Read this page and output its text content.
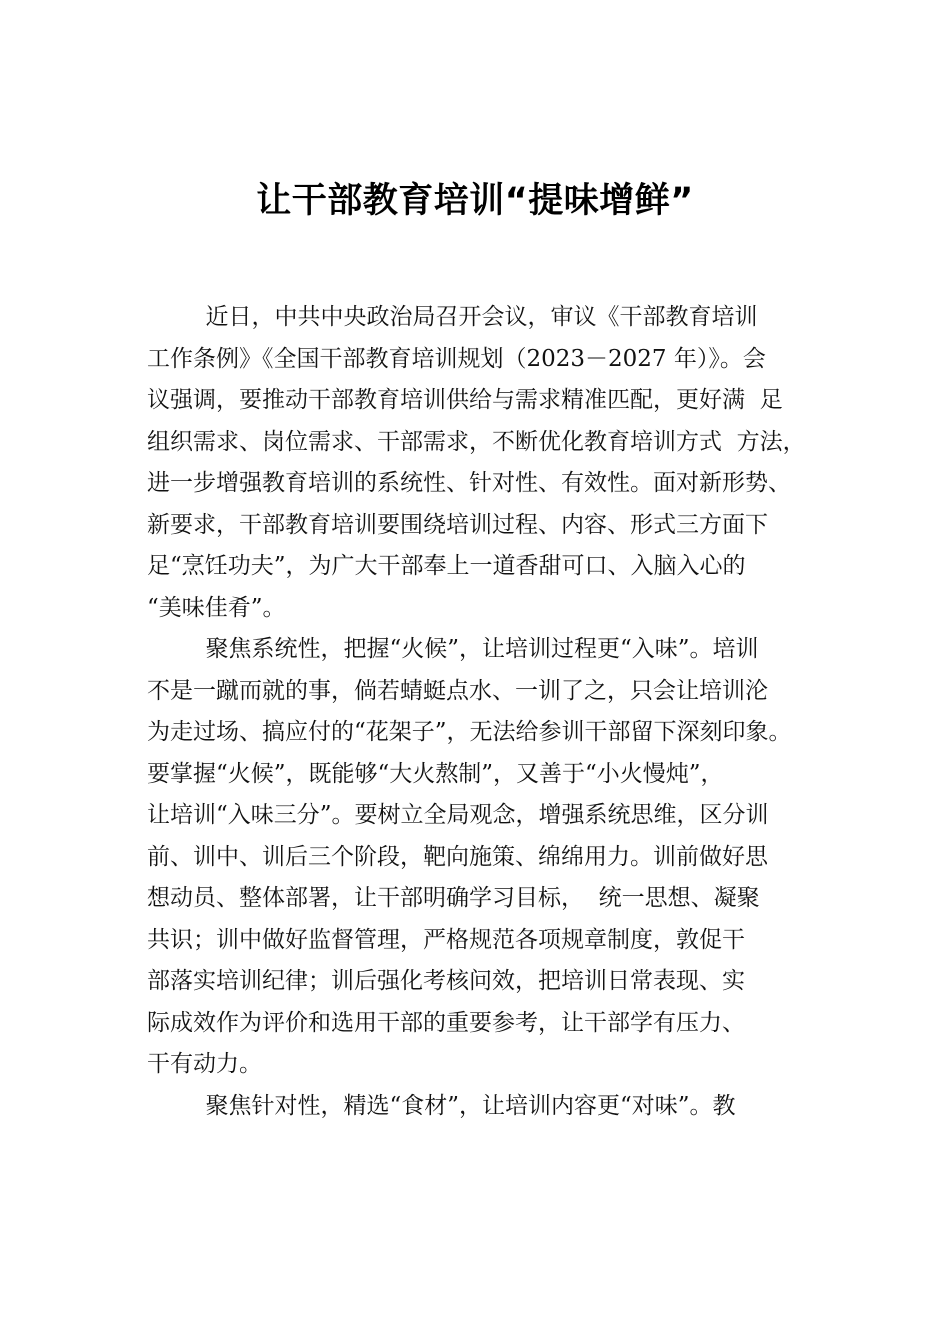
让干部教育培训“提味增鲜”
近日，中共中央政治局召开会议，审议《干部教育培训
工作条例》《全国干部教育培训规划（2023－2027 年）》。会
议强调，要推动干部教育培训供给与需求精准匹配，更好满  足
组织需求、岗位需求、干部需求，不断优化教育培训方式  方法，
进一步增强教育培训的系统性、针对性、有效性。面对新形势、
新要求，干部教育培训要围绕培训过程、内容、形式三方面下
足“烹饪功夫”，为广大干部奉上一道香甜可口、入脑入心的
“美味佳肴”。
聚焦系统性，把握“火候”，让培训过程更“入味”。培训
不是一蹴而就的事，倘若蜻蜓点水、一训了之，只会让培训沦
为走过场、搞应付的“花架子”，无法给参训干部留下深刻印象。
要掌握“火候”，既能够“大火熬制”，又善于“小火慢炖”，
让培训“入味三分”。要树立全局观念，增强系统思维，区分训
前、训中、训后三个阶段，靶向施策、绵绵用力。训前做好思
想动员、整体部署，让干部明确学习目标，  统一思想、凝聚
共识；训中做好监督管理，严格规范各项规章制度，敦促干
部落实培训纪律；训后强化考核问效，把培训日常表现、实
际成效作为评价和选用干部的重要参考，让干部学有压力、
干有动力。
聚焦针对性，精选“食材”，让培训内容更“对味”。教
